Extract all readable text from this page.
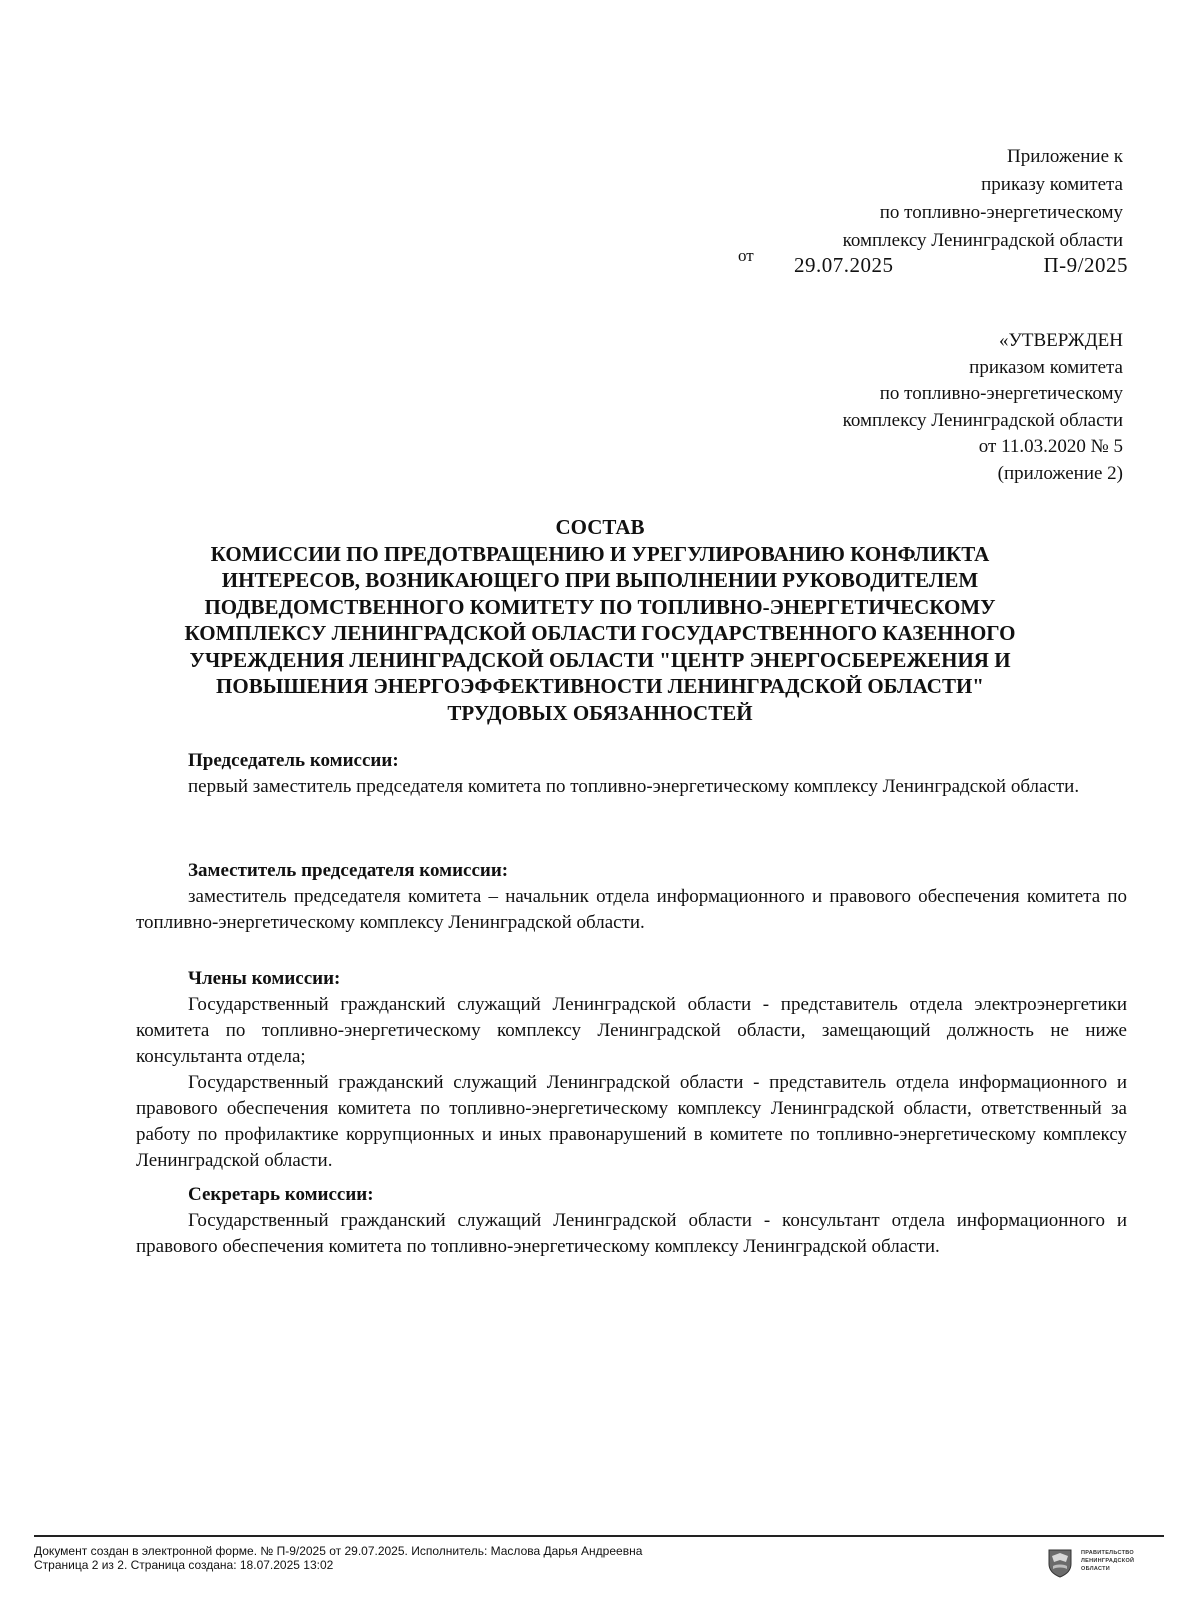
Приложение к
приказу комитета
по топливно-энергетическому
комплексу Ленинградской области
от 29.07.2025	П-9/2025
«УТВЕРЖДЕН
приказом комитета
по топливно-энергетическому
комплексу Ленинградской области
от 11.03.2020 № 5
(приложение 2)
СОСТАВ
КОМИССИИ ПО ПРЕДОТВРАЩЕНИЮ И УРЕГУЛИРОВАНИЮ КОНФЛИКТА
ИНТЕРЕСОВ, ВОЗНИКАЮЩЕГО ПРИ ВЫПОЛНЕНИИ РУКОВОДИТЕЛЕМ
ПОДВЕДОМСТВЕННОГО КОМИТЕТУ ПО ТОПЛИВНО-ЭНЕРГЕТИЧЕСКОМУ
КОМПЛЕКСУ ЛЕНИНГРАДСКОЙ ОБЛАСТИ ГОСУДАРСТВЕННОГО КАЗЕННОГО
УЧРЕЖДЕНИЯ ЛЕНИНГРАДСКОЙ ОБЛАСТИ "ЦЕНТР ЭНЕРГОСБЕРЕЖЕНИЯ И
ПОВЫШЕНИЯ ЭНЕРГОЭФФЕКТИВНОСТИ ЛЕНИНГРАДСКОЙ ОБЛАСТИ"
ТРУДОВЫХ ОБЯЗАННОСТЕЙ
Председатель комиссии:
первый заместитель председателя комитета по топливно-энергетическому комплексу Ленинградской области.
Заместитель председателя комиссии:
заместитель председателя комитета – начальник отдела информационного и правового обеспечения комитета по топливно-энергетическому комплексу Ленинградской области.
Члены комиссии:
Государственный гражданский служащий Ленинградской области - представитель отдела электроэнергетики комитета по топливно-энергетическому комплексу Ленинградской области, замещающий должность не ниже консультанта отдела;
Государственный гражданский служащий Ленинградской области - представитель отдела информационного и правового обеспечения комитета по топливно-энергетическому комплексу Ленинградской области, ответственный за работу по профилактике коррупционных и иных правонарушений в комитете по топливно-энергетическому комплексу Ленинградской области.
Секретарь комиссии:
Государственный гражданский служащий Ленинградской области - консультант отдела информационного и правового обеспечения комитета по топливно-энергетическому комплексу Ленинградской области.
Документ создан в электронной форме. № П-9/2025 от 29.07.2025. Исполнитель: Маслова Дарья Андреевна
Страница 2 из 2. Страница создана: 18.07.2025 13:02
ПРАВИТЕЛЬСТВО
ЛЕНИНГРАДСКОЙ
ОБЛАСТИ
